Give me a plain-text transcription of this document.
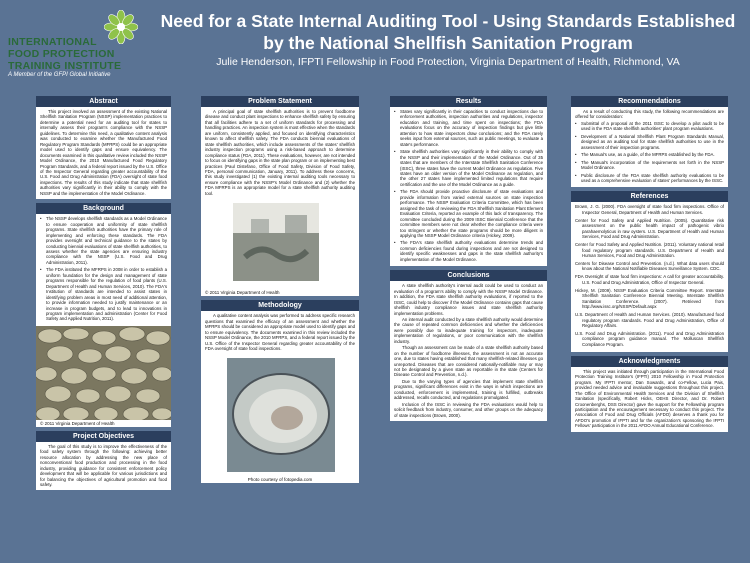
INTERNATIONAL
FOOD PROTECTION
TRAINING INSTITUTE
A Member of the GFPI Global Initiative
Need for a State Internal Auditing Tool - Using Standards Established by the National Shellfish Sanitation Program
Julie Henderson, IFPTI Fellowship in Food Protection, Virginia Department of Health, Richmond, VA
Abstract

This project involved an assessment of the existing National Shellfish Sanitation Program (NSSP) implementation practices to determine a potential need for an auditing tool for states to internally assess their program's compliance with the NSSP guidelines. To determine this need, a qualitative content analysis was conducted to examine whether the Manufactured Food Regulatory Program Standards (MFRPS) could be an appropriate model used to identify gaps and ensure equivalency. The documents examined in this qualitative review included the NSSP Model Ordinance, the 2010 Manufactured Food Regulatory Program Standards, and a federal report issued by the U.S. Office of the Inspector General regarding greater accountability of the U.S. Food and Drug Administration (FDA) oversight of state food inspections. The results of this study indicate that state shellfish authorities vary significantly in their ability to comply with the NSSP and the implementation of the Model Ordinance.

Background
• The NSSP develops shellfish standards as a Model Ordinance to ensure cooperation and uniformity of state shellfish programs. State shellfish authorities have the primary role of implementing and enforcing these standards. The FDA provides oversight and technical guidance to the states by conducting biennial evaluations of state shellfish authorities, to assess whether the state agencies are ensuring industry compliance with the NSSP (U.S. Food and Drug Administration, 2011).
• The FDA instituted the MFRPS in 2008 in order to establish a uniform foundation for the design and management of state programs responsible for the regulation of food plants (U.S. Department of Health and Human Services, 2010). The FDA's Institution of standards are intended to assist states in identifying problem areas in most need of additional attention, to provide information needed to justify maintenance or an increase in program budgets, and to lead to innovations in program implementation and administration (Center for Food Safety and Applied Nutrition, 2011).
© 2011 Virginia Department of Health
Project Objectives

The goal of this study is to improve the effectiveness of the food safety system through the following: achieving better resource allocation by addressing the new place of nonconventional food production and processing in the food industry, providing guidance for consistent enforcement policy development that will be applicable for various jurisdictions and for balancing the objectives of agricultural promotion and food safety.

Problem Statement

A principal goal of state shellfish authorities is to prevent foodborne disease and conduct plant inspections to enhance shellfish safety by ensuring that all facilities adhere to a set of uniform standards for processing and handling practices. An inspection system is most effective when the standards are uniform, consistently applied, and focused on identifying characteristics known to affect shellfish safety. The FDA conducts biennial evaluations of state shellfish authorities, which include assessments of the states' shellfish industry inspection programs using a risk-based approach to determine compliance status (FDA, 2011). These evaluations, however, are not intended to focus on identifying gaps in the state plan program or on implementing best practices (Paul Distefano, Office of Food Safety, Division of Food Safety, FDA, personal communication, January, 2011). To address these concerns, this study investigated (1) the existing internal auditing tools necessary to ensure compliance with the NSSP's Model Ordinance and (2) whether the FDA MFRPS is an appropriate model for a state shellfish authority auditing tool.

© 2011 Virginia Department of Health
Methodology

A qualitative content analysis was performed to address specific research questions that examined the efficacy of an assessment and whether the MFRPS should be considered an appropriate model used to identify gaps and to ensure equivalency. The documents examined in this review included the NSSP Model Ordinance, the 2010 MFRPS, and a federal report issued by the U.S. Office of the Inspector General regarding greater accountability of the FDA oversight of state food inspections.

Photo courtesy of fotopedia.com
Results
• States vary significantly in their capacities to conduct inspections due to enforcement authorities, inspection authorities and regulations, inspector education and training, and time spent on inspections; the FDA evaluations focus on the accuracy of inspection findings but give little attention to how state inspectors draw conclusions; and the FDA rarely seeks input from external sources, such as public meetings, to evaluate a state's performance.
• State shellfish authorities vary significantly in their ability to comply with the NSSP and their implementation of the Model Ordinance. Out of 35 states that are members of the Interstate Shellfish Sanitation Conference (ISSC), three states have the current Model Ordinance as regulation. Five states have an older version of the Model Ordinance as regulation, and the other 27 states have implemented limited regulations that require certification and the use of the Model Ordinance as a guide.
• The FDA should provide proactive disclosure of state evaluations and provide information from varied external sources on state inspection performance. The NSSP Evaluation Criteria Committee, which has been assigned the task of reviewing the FDA Shellfish Sanitation Plant Element Evaluation Criteria, reported an example of this lack of transparency. The committee concluded during the 2009 ISSC Biennial Conference that the committee members were not clear whether the compliance criteria were too stringent or whether the state programs should be more diligent in applying the NSSP Model Ordinance criteria (Hickey, 2009).
• The FDA's state shellfish authority evaluations determine trends and common deficiencies found during inspections and are not designed to identify specific weaknesses and gaps in the state shellfish authority's implementation of the Model Ordinance.
Conclusions

A state shellfish authority's internal audit could be used to conduct an evaluation of a program's ability to comply with the NSSP Model Ordinance. In addition, the FDA state shellfish authority evaluations, if reported to the ISSC, could help to discover if the Model Ordinance contains gaps that cause shellfish industry compliance issues and state shellfish authority implementation problems.

An internal audit conducted by a state shellfish authority would determine the cause of repeated common deficiencies and whether the deficiencies were possibly due to inadequate training for inspectors, inadequate implementation of regulations, or poor communication with the shellfish industry.

Though an assessment can be made of a state shellfish authority based on the number of foodborne illnesses, the assessment is not an accurate one, due to states having established that many shellfish-related illnesses go unreported. Diseases that are considered nationally-notifiable may or may not be designated by a given state as reportable in the state (Centers for Disease Control and Prevention, n.d.).

Due to the varying types of agencies that implement state shellfish programs, significant differences exist in the ways in which inspections are conducted, enforcement is implemented, training is fulfilled, outbreaks addressed, recalls conducted, and regulations promulgated.

Inclusion of the ISSC in reviewing the FDA evaluations would help to solicit feedback from industry, consumer, and other groups on the adequacy of state inspections (Brown, 2000).

Recommendations

As a result of conducting this study, the following recommendations are offered for consideration:

• Submittal of a proposal at the 2011 ISSC to develop a pilot audit to be used in the FDA state shellfish authorities' plant program evaluations.
• Development of a National Shellfish Plant Program Standards Manual, designed as an auditing tool for state shellfish authorities to use in the assessment of their inspection programs.
• The Manual's use, as a guide, of the MFRPS established by the FDA.
• The Manual's incorporation of the requirements set forth in the NSSP Model Ordinance.
• Public disclosure of the FDA state shellfish authority evaluations to be used as a comprehensive evaluation of states' performances by the ISSC.
References

Brown, J. G. (2000). FDA oversight of state food firm inspections. Office of Inspector General, Department of Health and Human Services.

Center for Food Safety and Applied Nutrition. (2005). Quantitative risk assessment on the public health impact of pathogenic vibrio parahaemolyticus in raw oysters. U.S. Department of Health and Human Services, Food and Drug Administration.

Center for Food Safety and Applied Nutrition. (2011). Voluntary national retail food regulatory program standards. U.S. Department of Health and Human Services, Food and Drug Administration.

Centers for Disease Control and Prevention. (n.d.). What data users should know about the National Notifiable Diseases Surveillance System. CDC.

FDA Oversight of state food firm inspections: A call for greater accountability. U.S. Food and Drug Administration, Office of Inspector General.

Hickey, M. (2009). NSSP Evaluation Criteria Committee Report. Interstate Shellfish Sanitation Conference Biennial Meeting. Interstate Shellfish Sanitation Conference. (2007). Retrieved from http://www.issc.org/NSSP/Default.aspx

U.S. Department of Health and Human Services. (2010). Manufactured food regulatory program standards. Food and Drug Administration, Office of Regulatory Affairs.

U.S. Food and Drug Administration. (2011). Food and Drug Administration compliance program guidance manual. The Molluscan Shellfish Compliance Program.

Acknowledgments

This project was initiated through participation in the International Food Protection Training Institute's (IFPTI) 2010 Fellowship in Food Protection program. My IFPTI mentor, Dan Sowards, and co-Fellow, Lucia Pais, provided needed advice and invaluable suggestions throughout this project. The Office of Environmental Health Services and the Division of Shellfish Sanitation (specifically, Robert Hicks, OEHS Director, and Dr. Robert Croonenberghs, DSS Director) gave the support for the Fellowship program participation and the encouragement necessary to conduct this project. The Association of Food and Drug Officials (AFDO) deserves a thank you for AFDO's promotion of IFPTI and for the organization's sponsoring the IFPTI Fellows' participation in the 2011 AFDO Annual Educational Conference.
